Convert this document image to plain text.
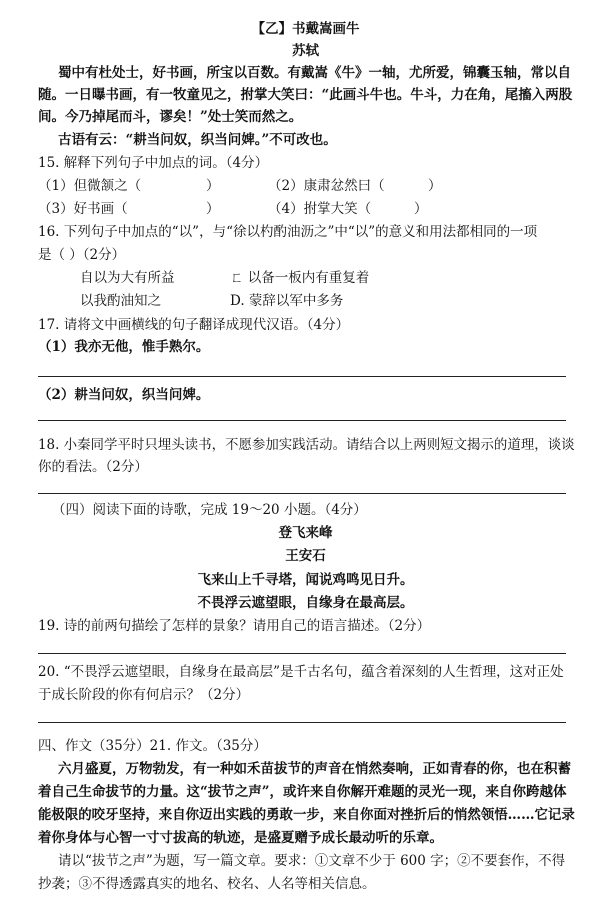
【乙】书戴嵩画牛
苏轼
蜀中有杜处士，好书画，所宝以百数。有戴嵩《牛》一轴，尤所爱，锦囊玉轴，常以自
随。一日曝书画，有一牧童见之，拊掌大笑曰：“此画斗牛也。牛斗，力在角，尾搐入两股
间。今乃掉尾而斗，谬矣！”处士笑而然之。
古语有云：“耕当问奴，织当问婢。”不可改也。
15. 解释下列句子中加点的词。（4分）
（1）但微颔之（	）	（2）康肃忿然曰（	）
（3）好书画（	）	（4）拊掌大笑（	）
16. 下列句子中加点的“以”，与“徐以杓酌油沥之”中“以”的意义和用法都相同的一项
是（ ）（2分）
自以为大有所益	ㄈ 以备一板内有重复着
以我酌油知之	D. 蒙辞以军中多务
17. 请将文中画横线的句子翻译成现代汉语。（4分）
（1）我亦无他，惟手熟尔。
（2）耕当问奴，织当问婢。
18. 小秦同学平时只埋头读书，不愿参加实践活动。请结合以上两则短文揭示的道理，谈谈
你的看法。（2分）
（四）阅读下面的诗歌，完成 19～20 小题。（4分）
登飞来峰
王安石
飞来山上千寻塔，闻说鸡鸣见日升。
不畏浮云遮望眼，自缘身在最高层。
19. 诗的前两句描绘了怎样的景象？请用自己的语言描述。（2分）
20. “不畏浮云遮望眼，自缘身在最高层”是千古名句，蕴含着深刻的人生哲理，这对正处
于成长阶段的你有何启示？（2分）
四、作文（35分）21. 作文。（35分）
六月盛夏，万物勃发，有一种如禾苗拔节的声音在悄然奏响，正如青春的你，也在积蓄
着自己生命拔节的力量。这“拔节之声”，或许来自你解开难题的灵光一现，来自你跨越体
能极限的咬牙坚持，来自你迈出实践的勇敢一步，来自你面对挫折后的悄然领悟……它记录
着你身体与心智一寸寸拔高的轨迹，是盛夏赠予成长最动听的乐章。
请以“拔节之声”为题，写一篇文章。要求：①文章不少于 600 字；②不要套作，不得
抄袭；③不得透露真实的地名、校名、人名等相关信息。
